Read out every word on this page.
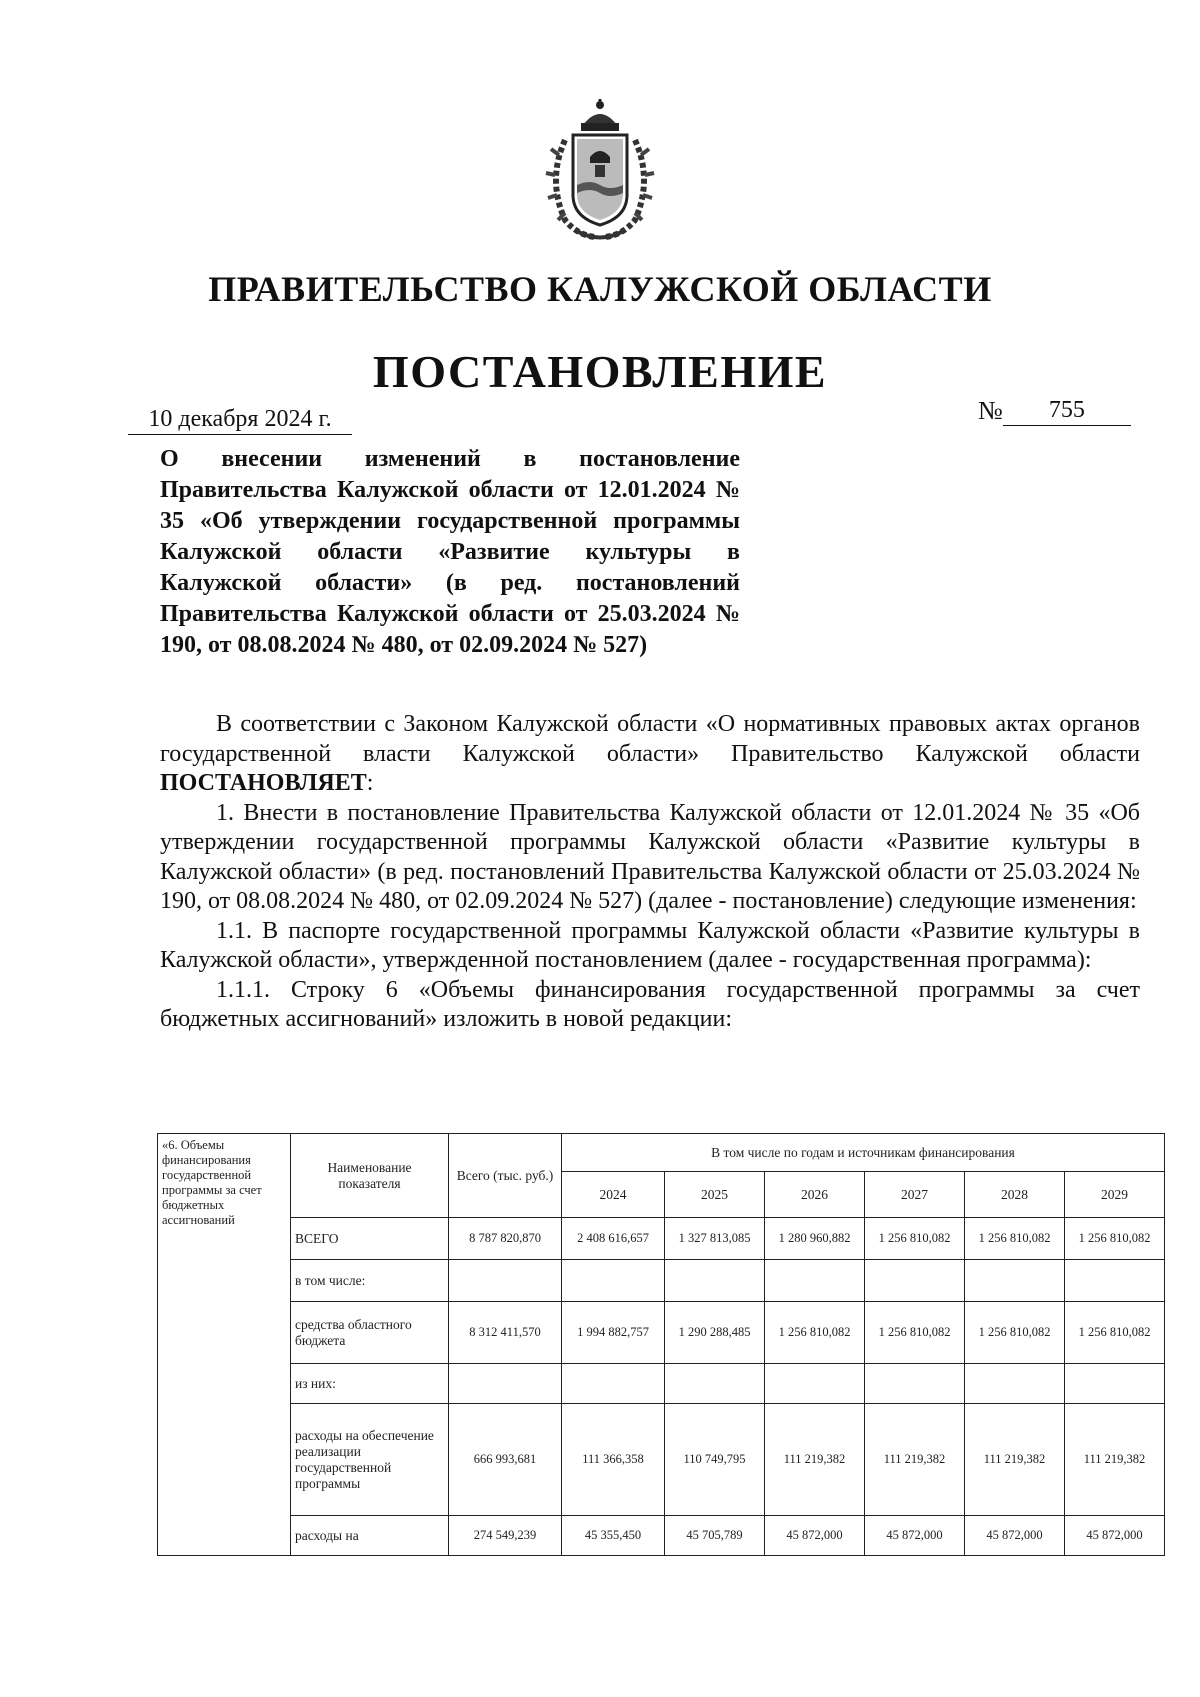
ПРАВИТЕЛЬСТВО КАЛУЖСКОЙ ОБЛАСТИ
ПОСТАНОВЛЕНИЕ
10 декабря 2024 г.	№ 755
О внесении изменений в постановление Правительства Калужской области от 12.01.2024 № 35 «Об утверждении государственной программы Калужской области «Развитие культуры в Калужской области» (в ред. постановлений Правительства Калужской области от 25.03.2024 № 190, от 08.08.2024 № 480, от 02.09.2024 № 527)

В соответствии с Законом Калужской области «О нормативных правовых актах органов государственной власти Калужской области» Правительство Калужской области ПОСТАНОВЛЯЕТ:

1. Внести в постановление Правительства Калужской области от 12.01.2024 № 35 «Об утверждении государственной программы Калужской области «Развитие культуры в Калужской области» (в ред. постановлений Правительства Калужской области от 25.03.2024 № 190, от 08.08.2024 № 480, от 02.09.2024 № 527) (далее - постановление) следующие изменения:

1.1. В паспорте государственной программы Калужской области «Развитие культуры в Калужской области», утвержденной постановлением (далее - государственная программа):

1.1.1. Строку 6 «Объемы финансирования государственной программы за счет бюджетных ассигнований» изложить в новой редакции:

«6. Объемы финансирования государственной программы за счет бюджетных ассигнований	Наименование показателя	Всего (тыс. руб.)	В том числе по годам и источникам финансирования					
			2024	2025	2026	2027	2028	2029
	ВСЕГО	8 787 820,870	2 408 616,657	1 327 813,085	1 280 960,882	1 256 810,082	1 256 810,082	1 256 810,082
	в том числе:							
	средства областного бюджета	8 312 411,570	1 994 882,757	1 290 288,485	1 256 810,082	1 256 810,082	1 256 810,082	1 256 810,082
	из них:							
	расходы на обеспечение реализации государственной программы	666 993,681	111 366,358	110 749,795	111 219,382	111 219,382	111 219,382	111 219,382
	расходы на	274 549,239	45 355,450	45 705,789	45 872,000	45 872,000	45 872,000	45 872,000
